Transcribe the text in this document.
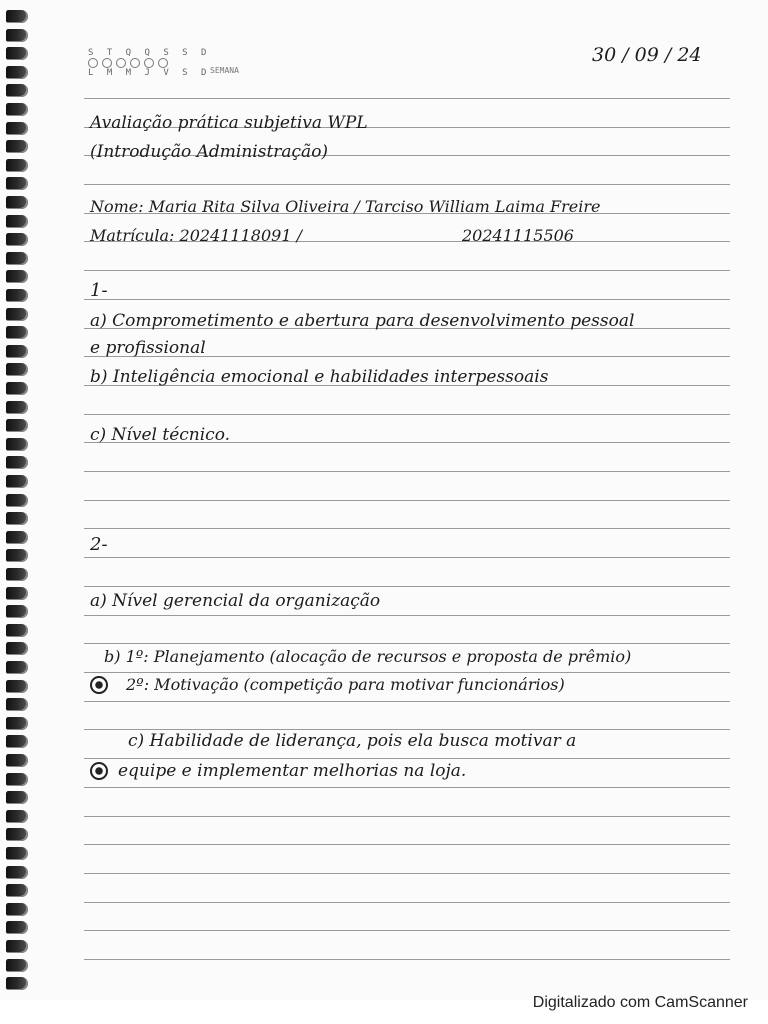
S T Q Q S S D
L M M J V S D SEMANA
30 / 09 / 24
Avaliação prática subjetiva WPL
(Introdução Administração)
Nome: Maria Rita Silva Oliveira / Tarciso William Laima Freire
Matrícula: 20241118091 /	20241115506
1-
a) Comprometimento e abertura para desenvolvimento pessoal
e profissional
b) Inteligência emocional e habilidades interpessoais
c) Nível técnico.
2-
a) Nível gerencial da organização
b) 1º: Planejamento (alocação de recursos e proposta de prêmio)
2º: Motivação (competição para motivar funcionários)
c) Habilidade de liderança, pois ela busca motivar a
equipe e implementar melhorias na loja.
Digitalizado com CamScanner
